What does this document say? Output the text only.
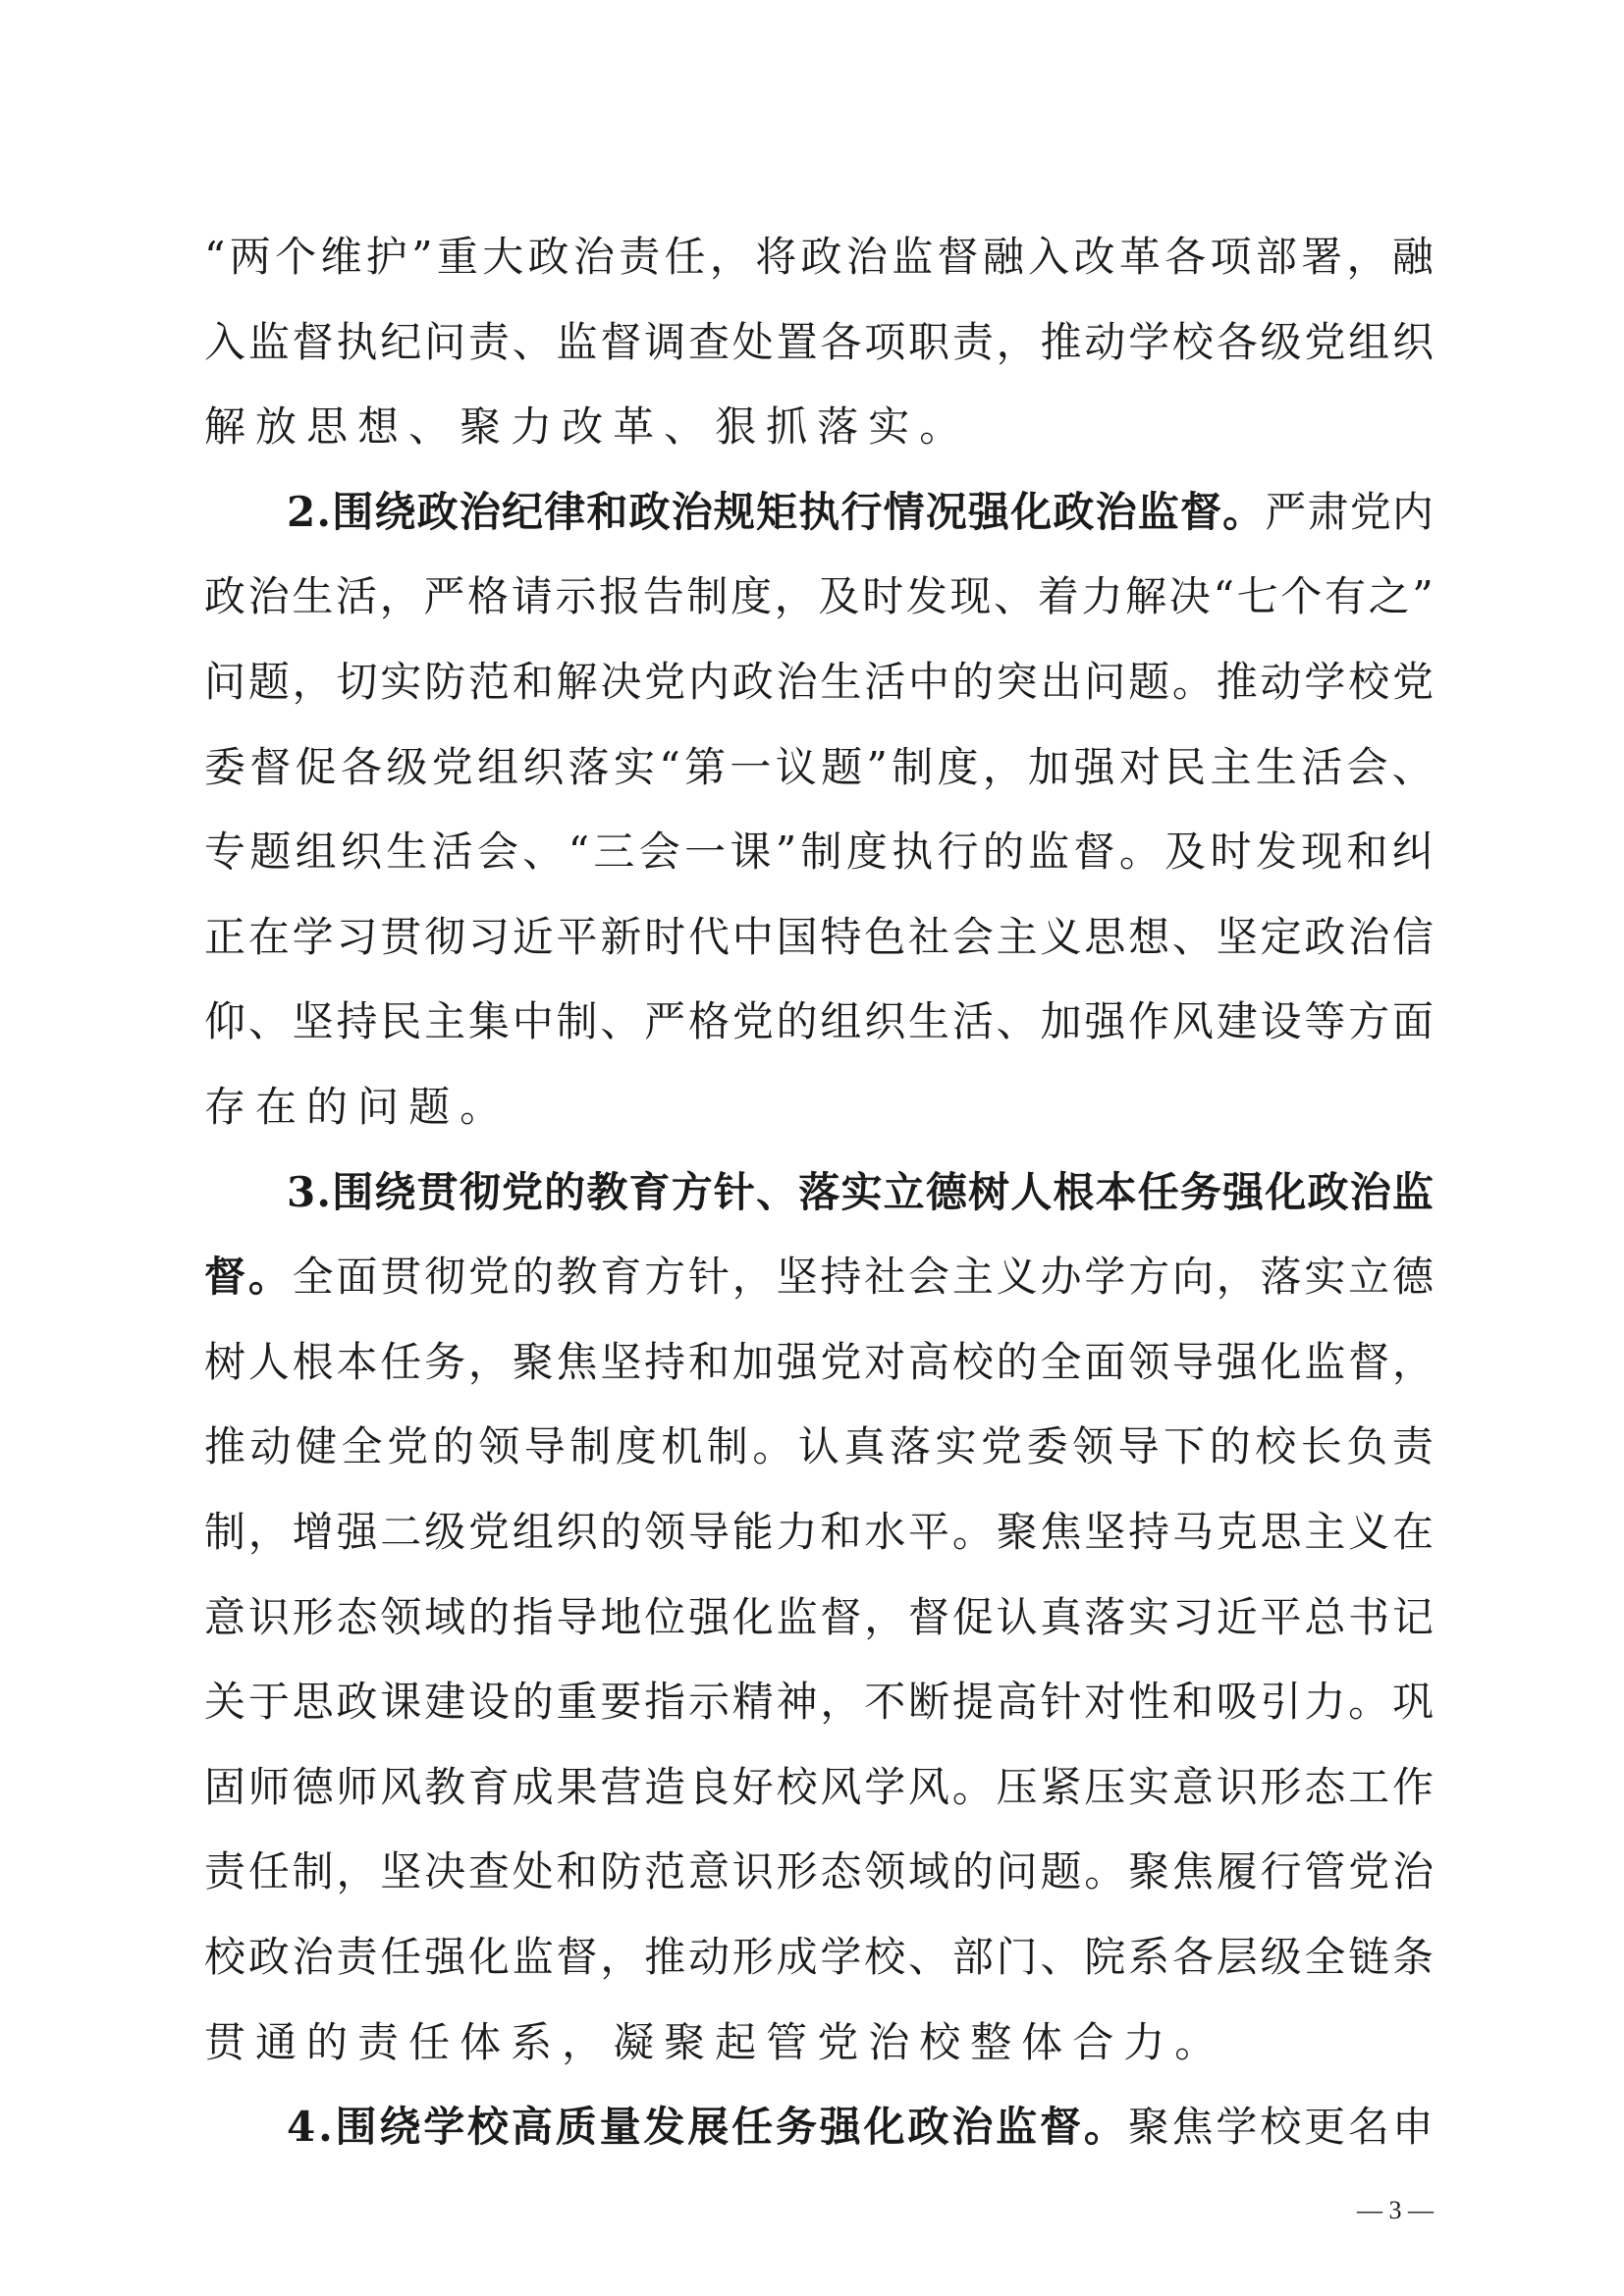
“ 两 个 维 护 ” 重 大 政 治 责 任 ， 将 政 治 监 督 融 入 改 革 各 项 部 署 ， 融
入 监 督 执 纪 问 责 、 监 督 调 查 处 置 各 项 职 责 ， 推 动 学 校 各 级 党 组 织
解 放 思 想 、 聚 力 改 革 、 狠 抓 落 实 。
2 . 围 绕 政 治 纪 律 和 政 治 规 矩 执 行 情 况 强 化 政 治 监 督 。 严 肃 党 内
政 治 生 活 ， 严 格 请 示 报 告 制 度 ， 及 时 发 现 、 着 力 解 决 “ 七 个 有 之 ”
问 题 ， 切 实 防 范 和 解 决 党 内 政 治 生 活 中 的 突 出 问 题 。 推 动 学 校 党
委 督 促 各 级 党 组 织 落 实 “ 第 一 议 题 ” 制 度 ， 加 强 对 民 主 生 活 会 、
专 题 组 织 生 活 会 、 “ 三 会 一 课 ” 制 度 执 行 的 监 督 。 及 时 发 现 和 纠
正 在 学 习 贯 彻 习 近 平 新 时 代 中 国 特 色 社 会 主 义 思 想 、 坚 定 政 治 信
仰 、 坚 持 民 主 集 中 制 、 严 格 党 的 组 织 生 活 、 加 强 作 风 建 设 等 方 面
存 在 的 问 题 。
3 . 围 绕 贯 彻 党 的 教 育 方 针 、 落 实 立 德 树 人 根 本 任 务 强 化 政 治 监
督 。 全 面 贯 彻 党 的 教 育 方 针 ， 坚 持 社 会 主 义 办 学 方 向 ， 落 实 立 德
树 人 根 本 任 务 ， 聚 焦 坚 持 和 加 强 党 对 高 校 的 全 面 领 导 强 化 监 督 ，
推 动 健 全 党 的 领 导 制 度 机 制 。 认 真 落 实 党 委 领 导 下 的 校 长 负 责
制 ， 增 强 二 级 党 组 织 的 领 导 能 力 和 水 平 。 聚 焦 坚 持 马 克 思 主 义 在
意 识 形 态 领 域 的 指 导 地 位 强 化 监 督 ， 督 促 认 真 落 实 习 近 平 总 书 记
关 于 思 政 课 建 设 的 重 要 指 示 精 神 ， 不 断 提 高 针 对 性 和 吸 引 力 。 巩
固 师 德 师 风 教 育 成 果 营 造 良 好 校 风 学 风 。 压 紧 压 实 意 识 形 态 工 作
责 任 制 ， 坚 决 查 处 和 防 范 意 识 形 态 领 域 的 问 题 。 聚 焦 履 行 管 党 治
校 政 治 责 任 强 化 监 督 ， 推 动 形 成 学 校 、 部 门 、 院 系 各 层 级 全 链 条
贯 通 的 责 任 体 系 ， 凝 聚 起 管 党 治 校 整 体 合 力 。
4 . 围 绕 学 校 高 质 量 发 展 任 务 强 化 政 治 监 督 。 聚 焦 学 校 更 名 申
— 3 —
